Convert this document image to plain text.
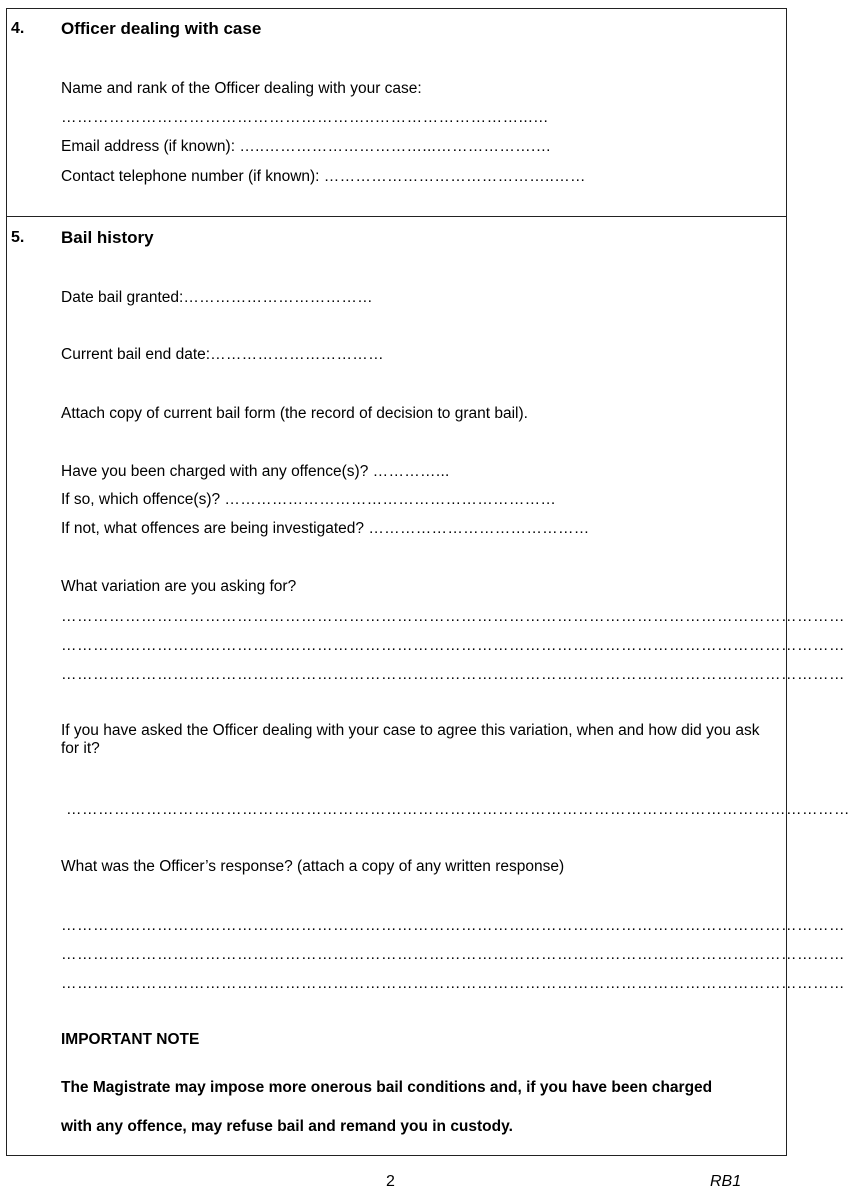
4. Officer dealing with case
Name and rank of the Officer dealing with your case:
…………………………………………………..………………………...…
Email address (if known): …..…………………………...……………….…
Contact telephone number (if known): ……………………………………..……
5. Bail history
Date bail granted:………………………………
Current bail end date:……………………………
Attach copy of current bail form (the record of decision to grant bail).
Have you been charged with any offence(s)? …………...
If so, which offence(s)? ………………………………………………………
If not, what offences are being investigated? ……………………………………
What variation are you asking for?
…………………………………………………………………………………………………………………………………
…………………………………………………………………………………………………………………………………
…………………………………………………………………………………………………………………………………
If you have asked the Officer dealing with your case to agree this variation, when and how did you ask for it?
…………………………………………………………………………………………………………………………………
What was the Officer’s response? (attach a copy of any written response)
…………………………………………………………………………………………………………………………………
…………………………………………………………………………………………………………………………………
…………………………………………………………………………………………………………………………………
IMPORTANT NOTE
The Magistrate may impose more onerous bail conditions and, if you have been charged
with any offence, may refuse bail and remand you in custody.
2	RB1
